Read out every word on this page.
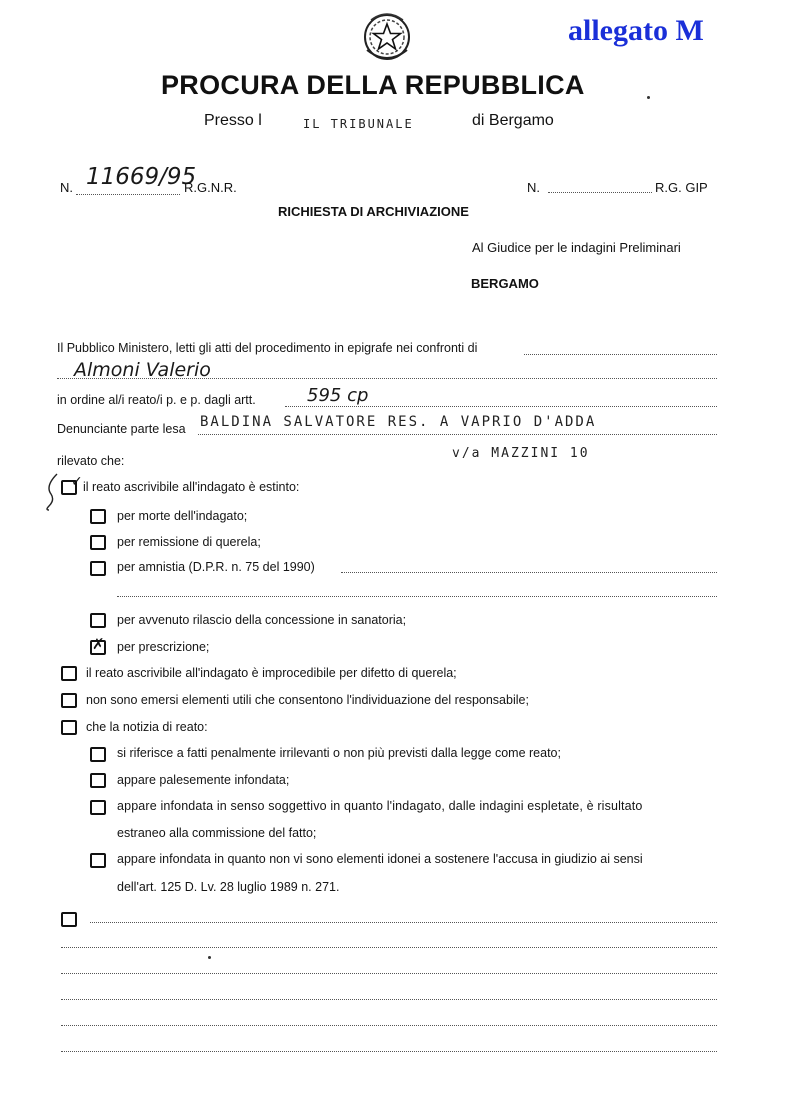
allegato M
PROCURA DELLA REPUBBLICA
Presso l	IL TRIBUNALE	di Bergamo
N. 11669/95
R.G.N.R.	N.	R.G. GIP
RICHIESTA DI ARCHIVIAZIONE
Al Giudice per le indagini Preliminari
BERGAMO
Il Pubblico Ministero, letti gli atti del procedimento in epigrafe nei confronti di
Almoni Valerio
in ordine al/i reato/i p. e p. dagli artt.	595 cp
Denunciante parte lesa BALDINA SALVATORE RES. A VAPRIO D'ADDA
rilevato che:	v/a MAZZINI 10
✓ il reato ascrivibile all'indagato è estinto:
per morte dell'indagato;
per remissione di querela;
per amnistia (D.P.R. n. 75 del 1990)
per avvenuto rilascio della concessione in sanatoria;
✗ per prescrizione;
il reato ascrivibile all'indagato è improcedibile per difetto di querela;
non sono emersi elementi utili che consentono l'individuazione del responsabile;
che la notizia di reato:
si riferisce a fatti penalmente irrilevanti o non più previsti dalla legge come reato;
appare palesemente infondata;
appare infondata in senso soggettivo in quanto l'indagato, dalle indagini espletate, è risultato
estraneo alla commissione del fatto;
appare infondata in quanto non vi sono elementi idonei a sostenere l'accusa in giudizio ai sensi
dell'art. 125 D. Lv. 28 luglio 1989 n. 271.
